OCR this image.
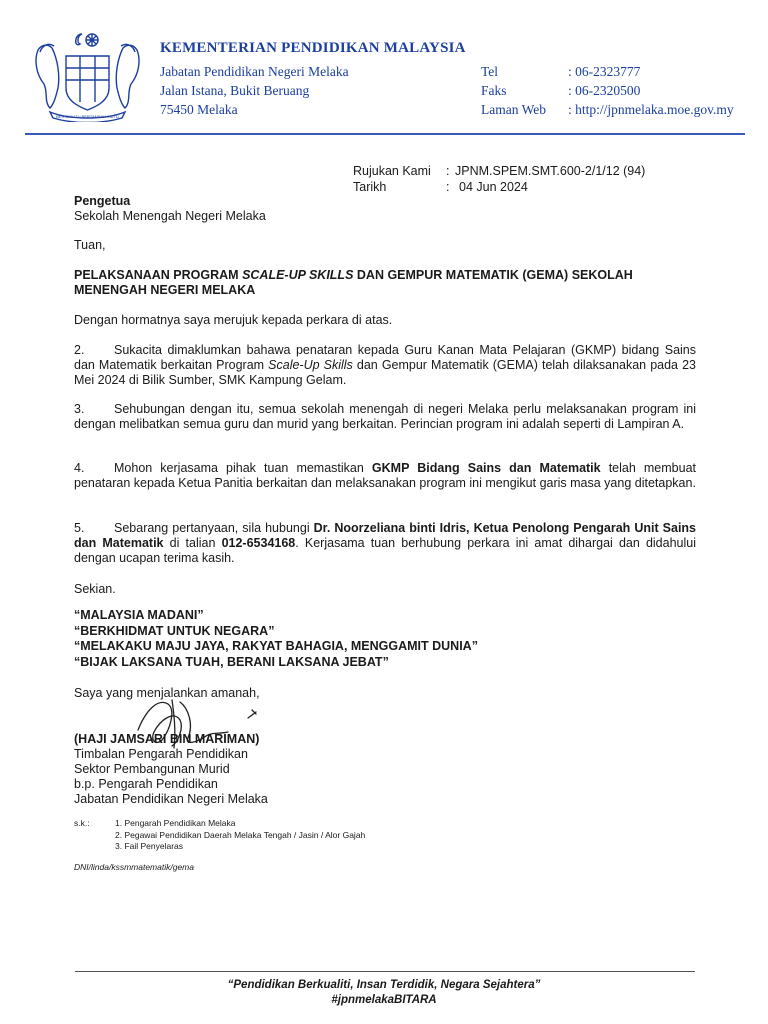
BERSEKUTU BERTAMBAH MUTU
KEMENTERIAN PENDIDIKAN MALAYSIA
Jabatan Pendidikan Negeri Melaka
Jalan Istana, Bukit Beruang
75450 Melaka
Tel
Faks
Laman Web
: 06-2323777
: 06-2320500
: http://jpnmelaka.moe.gov.my
Rujukan Kami
Tarikh
:
:
JPNM.SPEM.SMT.600-2/1/12 (94)
04 Jun 2024
Pengetua
Sekolah Menengah Negeri Melaka
Tuan,
PELAKSANAAN PROGRAM SCALE-UP SKILLS DAN GEMPUR MATEMATIK (GEMA) SEKOLAH MENENGAH NEGERI MELAKA
Dengan hormatnya saya merujuk kepada perkara di atas.
2. Sukacita dimaklumkan bahawa penataran kepada Guru Kanan Mata Pelajaran (GKMP) bidang Sains dan Matematik berkaitan Program Scale-Up Skills dan Gempur Matematik (GEMA) telah dilaksanakan pada 23 Mei 2024 di Bilik Sumber, SMK Kampung Gelam.
3. Sehubungan dengan itu, semua sekolah menengah di negeri Melaka perlu melaksanakan program ini dengan melibatkan semua guru dan murid yang berkaitan. Perincian program ini adalah seperti di Lampiran A.
4. Mohon kerjasama pihak tuan memastikan GKMP Bidang Sains dan Matematik telah membuat penataran kepada Ketua Panitia berkaitan dan melaksanakan program ini mengikut garis masa yang ditetapkan.
5. Sebarang pertanyaan, sila hubungi Dr. Noorzeliana binti Idris, Ketua Penolong Pengarah Unit Sains dan Matematik di talian 012-6534168. Kerjasama tuan berhubung perkara ini amat dihargai dan didahului dengan ucapan terima kasih.
Sekian.
“MALAYSIA MADANI”
“BERKHIDMAT UNTUK NEGARA”
“MELAKAKU MAJU JAYA, RAKYAT BAHAGIA, MENGGAMIT DUNIA”
“BIJAK LAKSANA TUAH, BERANI LAKSANA JEBAT”
Saya yang menjalankan amanah,
(HAJI JAMSARI BIN MARIMAN)
Timbalan Pengarah Pendidikan
Sektor Pembangunan Murid
b.p. Pengarah Pendidikan
Jabatan Pendidikan Negeri Melaka
s.k.:	1. Pengarah Pendidikan Melaka
2. Pegawai Pendidikan Daerah Melaka Tengah / Jasin / Alor Gajah
3. Fail Penyelaras
DNI/linda/kssmmatematik/gema
“Pendidikan Berkualiti, Insan Terdidik, Negara Sejahtera”
#jpnmelakaBITARA
